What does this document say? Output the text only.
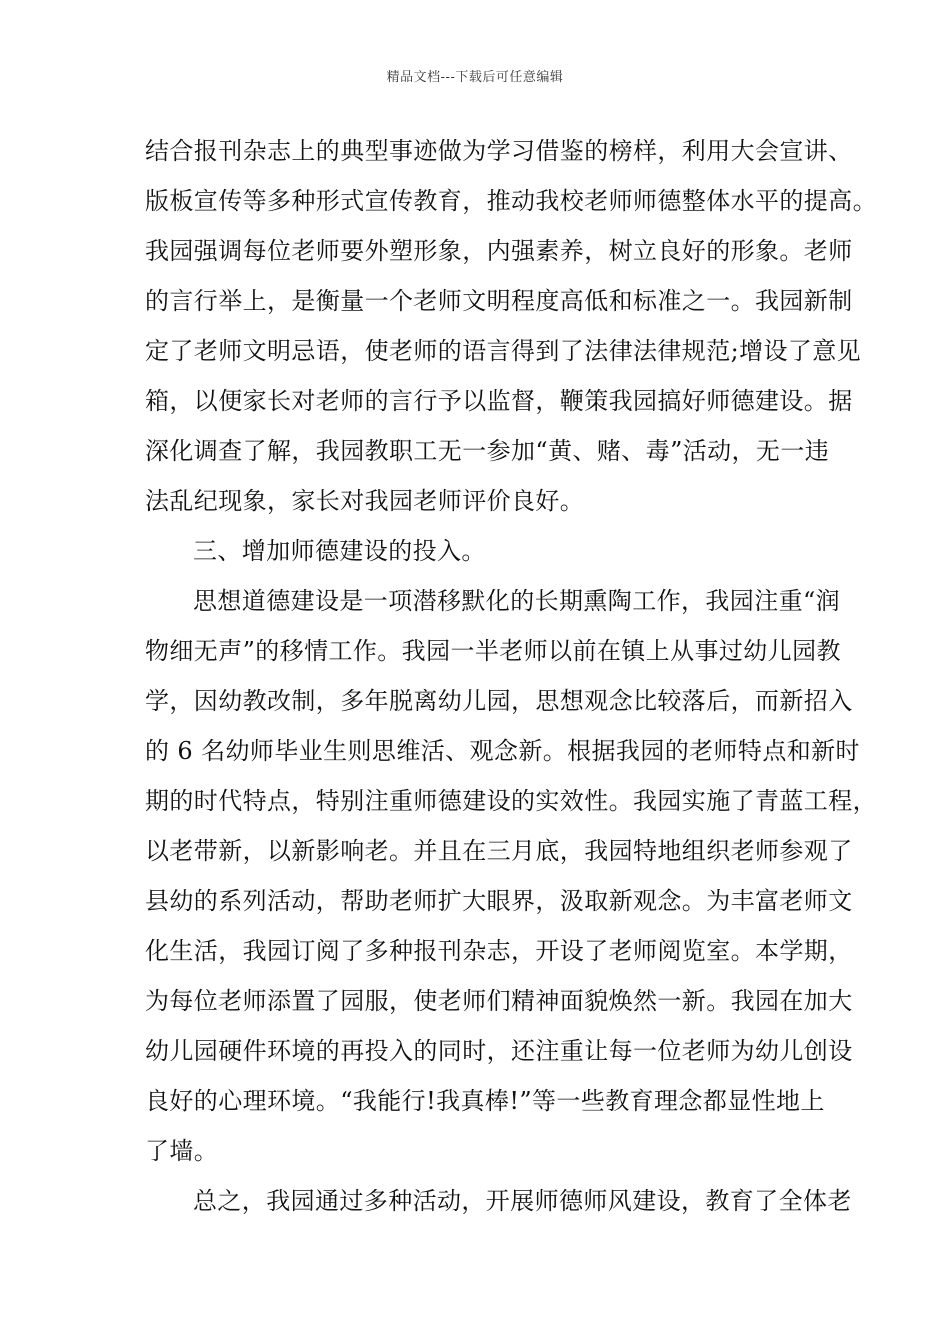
精品文档---下载后可任意编辑
结合报刊杂志上的典型事迹做为学习借鉴的榜样，利用大会宣讲、
版板宣传等多种形式宣传教育，推动我校老师师德整体水平的提高。
我园强调每位老师要外塑形象，内强素养，树立良好的形象。老师
的言行举上，是衡量一个老师文明程度高低和标准之一。我园新制
定了老师文明忌语，使老师的语言得到了法律法律规范;增设了意见
箱，以便家长对老师的言行予以监督，鞭策我园搞好师德建设。据
深化调查了解，我园教职工无一参加“黄、赌、毒”活动，无一违
法乱纪现象，家长对我园老师评价良好。
三、增加师德建设的投入。
思想道德建设是一项潜移默化的长期熏陶工作，我园注重“润
物细无声”的移情工作。我园一半老师以前在镇上从事过幼儿园教
学，因幼教改制，多年脱离幼儿园，思想观念比较落后，而新招入
的 6 名幼师毕业生则思维活、观念新。根据我园的老师特点和新时
期的时代特点，特别注重师德建设的实效性。我园实施了青蓝工程，
以老带新，以新影响老。并且在三月底，我园特地组织老师参观了
县幼的系列活动，帮助老师扩大眼界，汲取新观念。为丰富老师文
化生活，我园订阅了多种报刊杂志，开设了老师阅览室。本学期，
为每位老师添置了园服，使老师们精神面貌焕然一新。我园在加大
幼儿园硬件环境的再投入的同时，还注重让每一位老师为幼儿创设
良好的心理环境。“我能行!我真棒!”等一些教育理念都显性地上
了墙。
总之，我园通过多种活动，开展师德师风建设，教育了全体老
